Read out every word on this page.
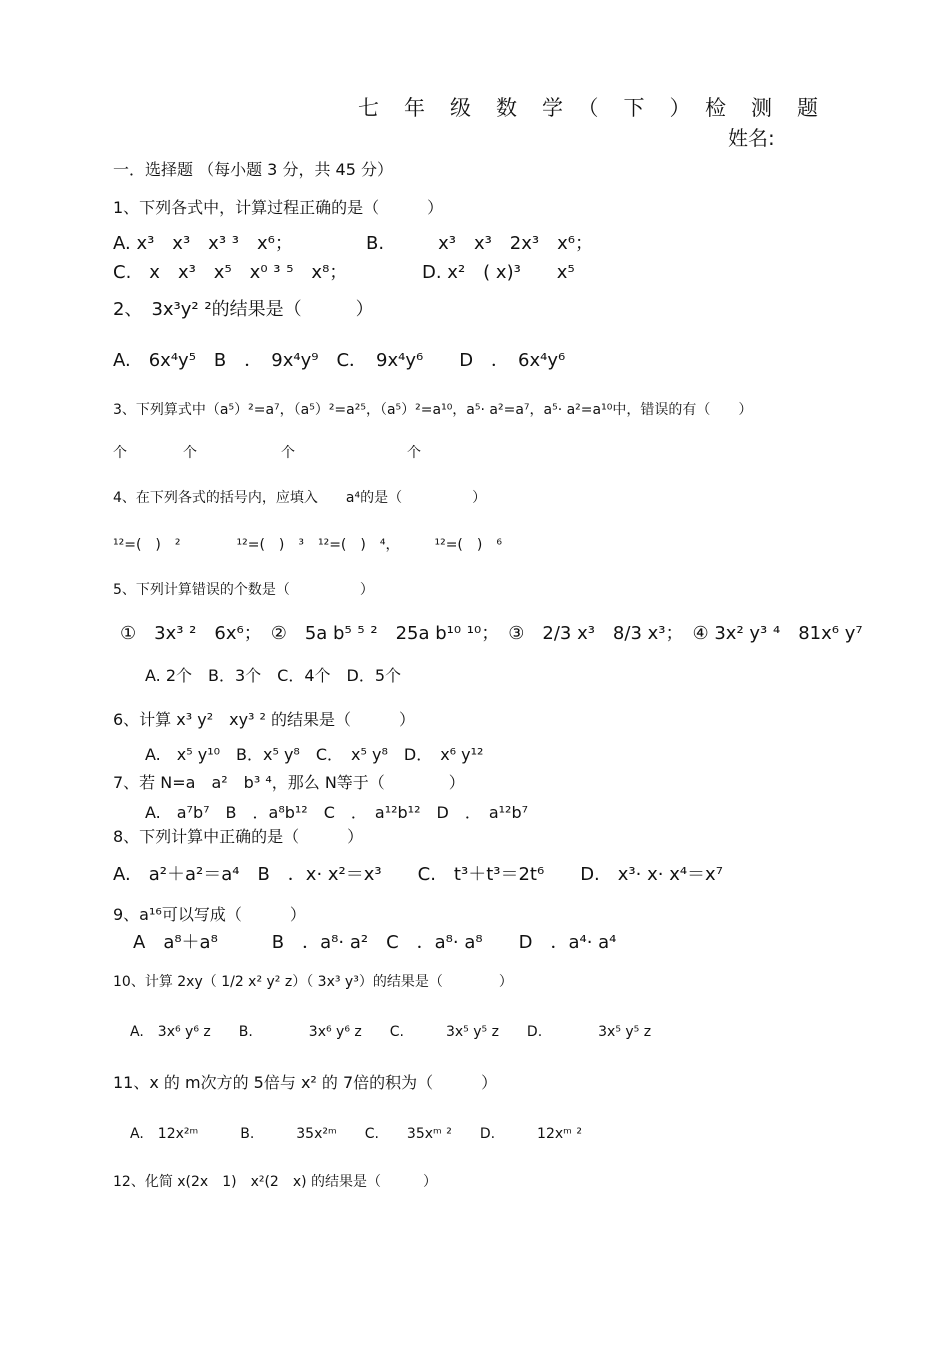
七　年　级　数　学　（　下　）　检　测　题
姓名:
一．选择题 （每小题 3 分，共 45 分）
1、下列各式中，计算过程正确的是（　　　）
A. x³　x³　x³ ³　x⁶；	B.　　　x³　x³　2x³　x⁶；
C.　x　x³　x⁵　x⁰ ³ ⁵　x⁸；	D. x²　( x)³　　x⁵
2、　3x³y² ²的结果是（　　　）
A.　6x⁴y⁵　B　．　9x⁴y⁹　C．　9x⁴y⁶　　D　．　6x⁴y⁶
3、下列算式中（a⁵）²=a⁷，（a⁵）²=a²⁵，（a⁵）²=a¹⁰，a⁵· a²=a⁷，a⁵· a²=a¹⁰中，错误的有（　　）
个　　　　个　　　　　　个　　　　　　　　个
4、在下列各式的括号内，应填入　　a⁴的是（　　　　　）
¹²=(　)　²　　　　¹²=(　)　³　¹²=(　)　⁴，　　　¹²=(　)　⁶
5、下列计算错误的个数是（　　　　　）
①　3x³ ²　6x⁶；　②　5a b⁵ ⁵ ²　25a b¹⁰ ¹⁰；　③　2/3 x³　8/3 x³；　④ 3x² y³ ⁴　81x⁶ y⁷
A. 2个　B．3个　C．4个　D．5个
6、计算 x³ y²　xy³ ² 的结果是（　　　）
A.　x⁵ y¹⁰　B．x⁵ y⁸　C．　x⁵ y⁸　D．　x⁶ y¹²
7、若 N=a　a²　b³ ⁴，那么 N等于（　　　　）
A.　a⁷b⁷　B　．a⁸b¹²　C　．　a¹²b¹²　D　．　a¹²b⁷
8、下列计算中正确的是（　　　）
A.　a²＋a²＝a⁴　B　．x· x²＝x³　　C.　t³＋t³＝2t⁶　　D.　x³· x· x⁴＝x⁷
9、a¹⁶可以写成（　　　）
A　a⁸＋a⁸　　　B　．a⁸· a²　C　．a⁸· a⁸　　D　．a⁴· a⁴
10、计算 2xy（ 1/2 x² y² z）（ 3x³ y³）的结果是（　　　　）
A.　3x⁶ y⁶ z　　B.　　　　3x⁶ y⁶ z　　C.　　　3x⁵ y⁵ z　　D.　　　　3x⁵ y⁵ z
11、x 的 m次方的 5倍与 x² 的 7倍的积为（　　　）
A.　12x²ᵐ　　　B.　　　35x²ᵐ　　C.　　35xᵐ ²　　D.　　　12xᵐ ²
12、化简 x(2x　1)　x²(2　x) 的结果是（　　　）
